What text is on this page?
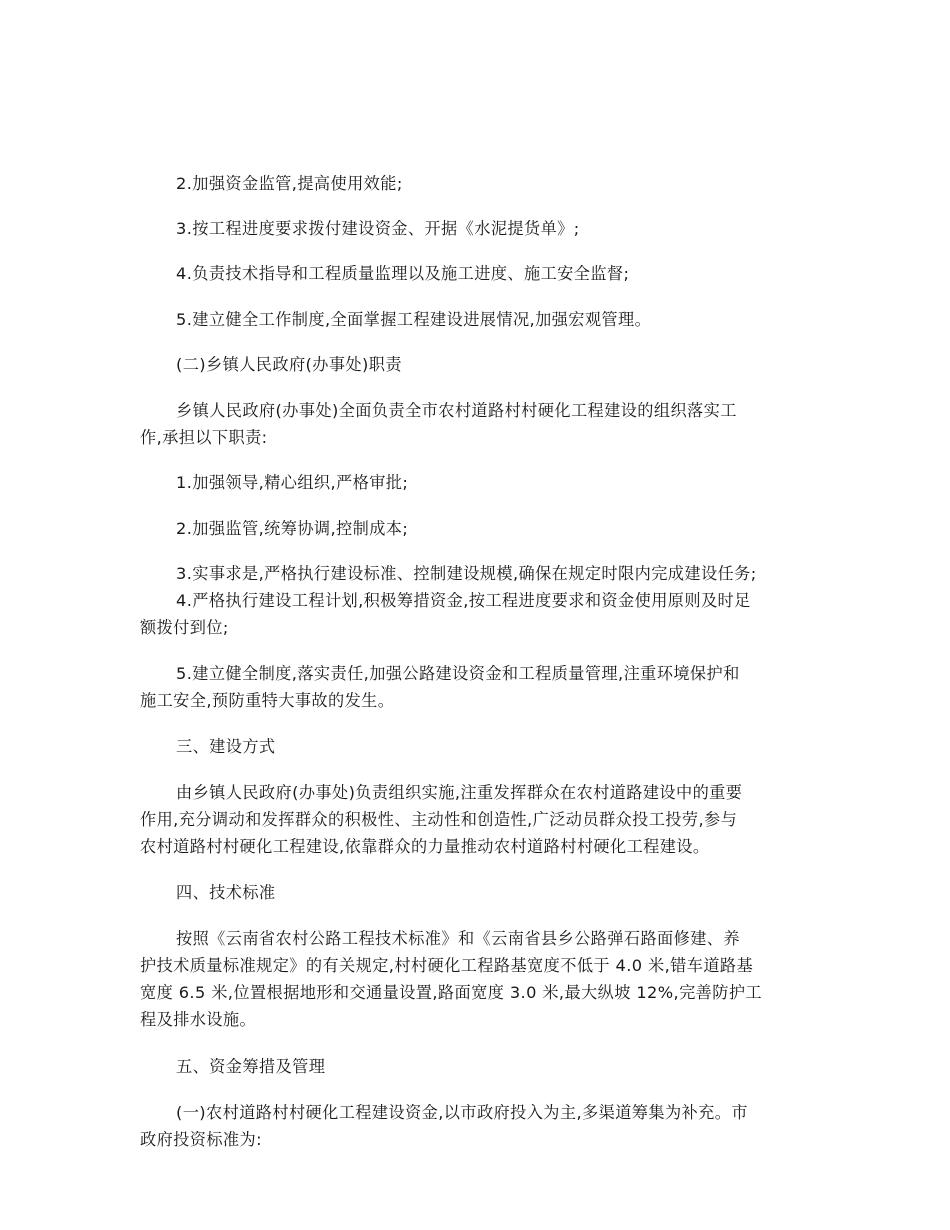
2.加强资金监管,提高使用效能;

3.按工程进度要求拨付建设资金、开据《水泥提货单》;

4.负责技术指导和工程质量监理以及施工进度、施工安全监督;

5.建立健全工作制度,全面掌握工程建设进展情况,加强宏观管理。

(二)乡镇人民政府(办事处)职责

乡镇人民政府(办事处)全面负责全市农村道路村村硬化工程建设的组织落实工
作,承担以下职责:

1.加强领导,精心组织,严格审批;

2.加强监管,统筹协调,控制成本;

3.实事求是,严格执行建设标准、控制建设规模,确保在规定时限内完成建设任务;
4.严格执行建设工程计划,积极筹措资金,按工程进度要求和资金使用原则及时足
额拨付到位;

5.建立健全制度,落实责任,加强公路建设资金和工程质量管理,注重环境保护和
施工安全,预防重特大事故的发生。

三、建设方式

由乡镇人民政府(办事处)负责组织实施,注重发挥群众在农村道路建设中的重要
作用,充分调动和发挥群众的积极性、主动性和创造性,广泛动员群众投工投劳,参与
农村道路村村硬化工程建设,依靠群众的力量推动农村道路村村硬化工程建设。

四、技术标准

按照《云南省农村公路工程技术标准》和《云南省县乡公路弹石路面修建、养
护技术质量标准规定》的有关规定,村村硬化工程路基宽度不低于 4.0 米,错车道路基
宽度 6.5 米,位置根据地形和交通量设置,路面宽度 3.0 米,最大纵坡 12%,完善防护工
程及排水设施。

五、资金筹措及管理

(一)农村道路村村硬化工程建设资金,以市政府投入为主,多渠道筹集为补充。市
政府投资标准为:
